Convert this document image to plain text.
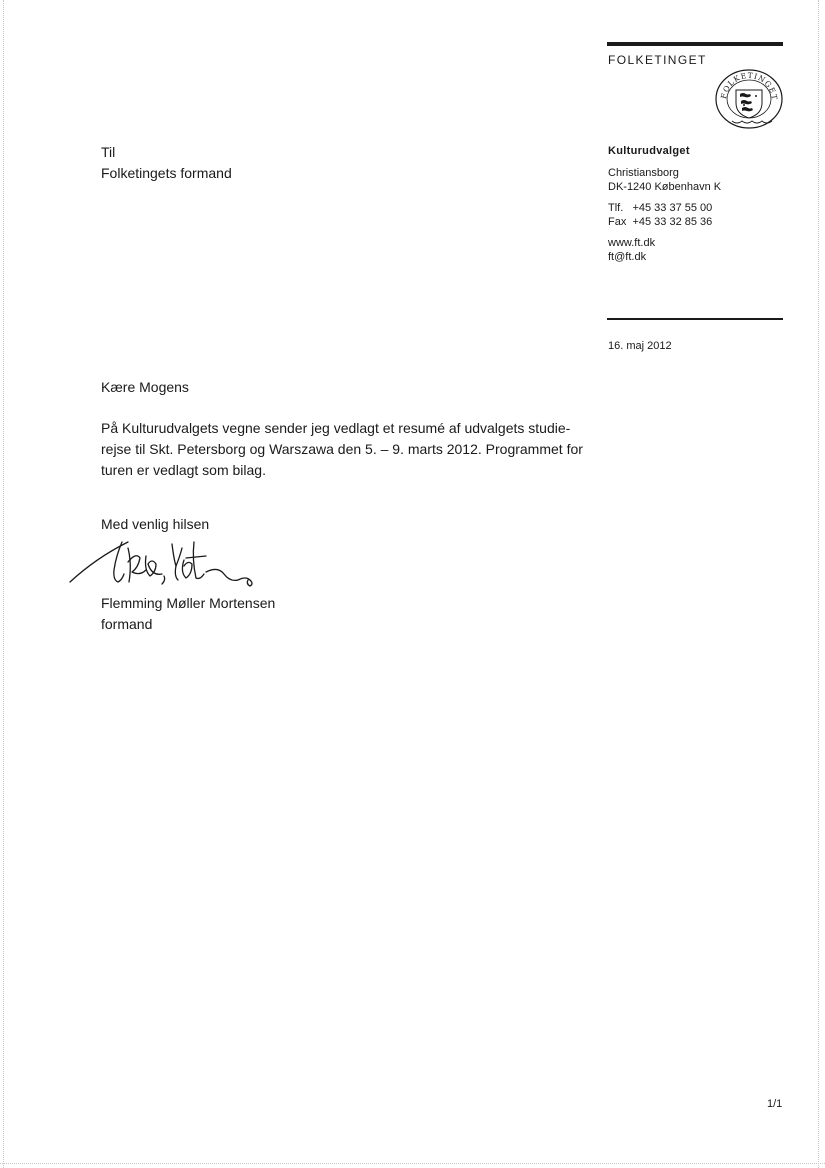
FOLKETINGET
FOLKETINGET
Kulturudvalget
Christiansborg
DK-1240 København K
Tlf.   +45 33 37 55 00
Fax  +45 33 32 85 36
www.ft.dk
ft@ft.dk
16. maj 2012
Til
Folketingets formand
Kære Mogens
På Kulturudvalgets vegne sender jeg vedlagt et resumé af udvalgets studie-
rejse til Skt. Petersborg og Warszawa den 5. – 9. marts 2012. Programmet for
turen er vedlagt som bilag.
Med venlig hilsen
Flemming Møller Mortensen
formand
1/1
